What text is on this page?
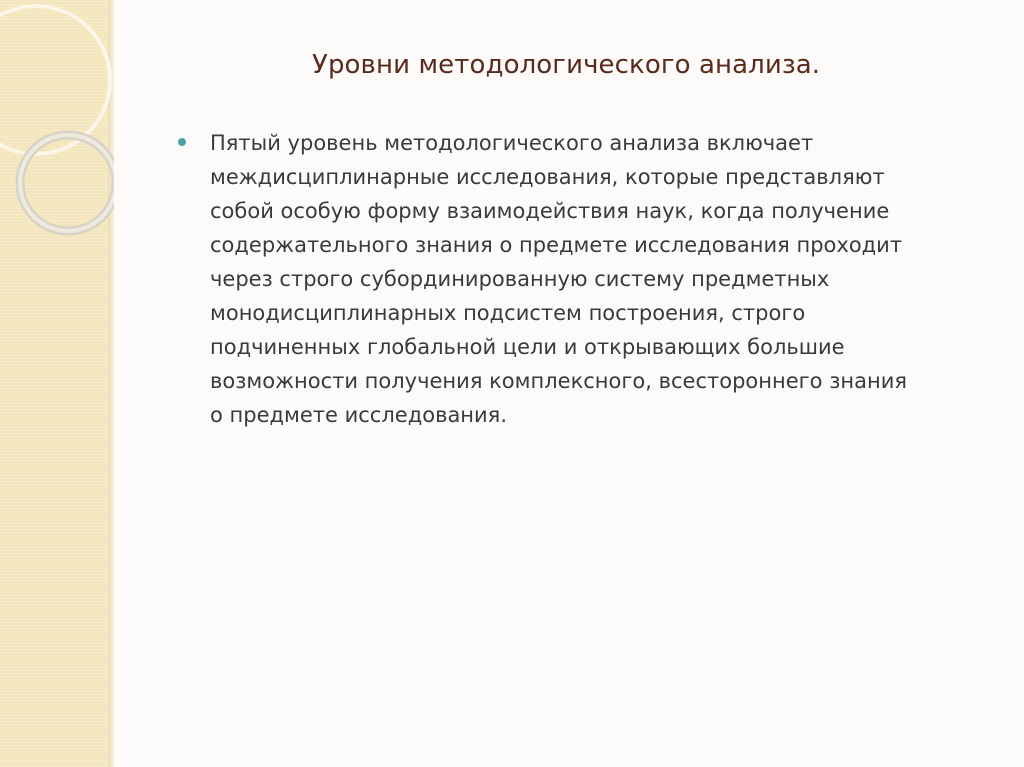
Уровни методологического анализа.
Пятый уровень методологического анализа включает
междисциплинарные исследования, которые представляют
собой особую форму взаимодействия наук, когда получение
содержательного знания о предмете исследования проходит
через строго субординированную систему предметных
монодисциплинарных подсистем построения, строго
подчиненных глобальной цели и открывающих большие
возможности получения комплексного, всестороннего знания
о предмете исследования.
